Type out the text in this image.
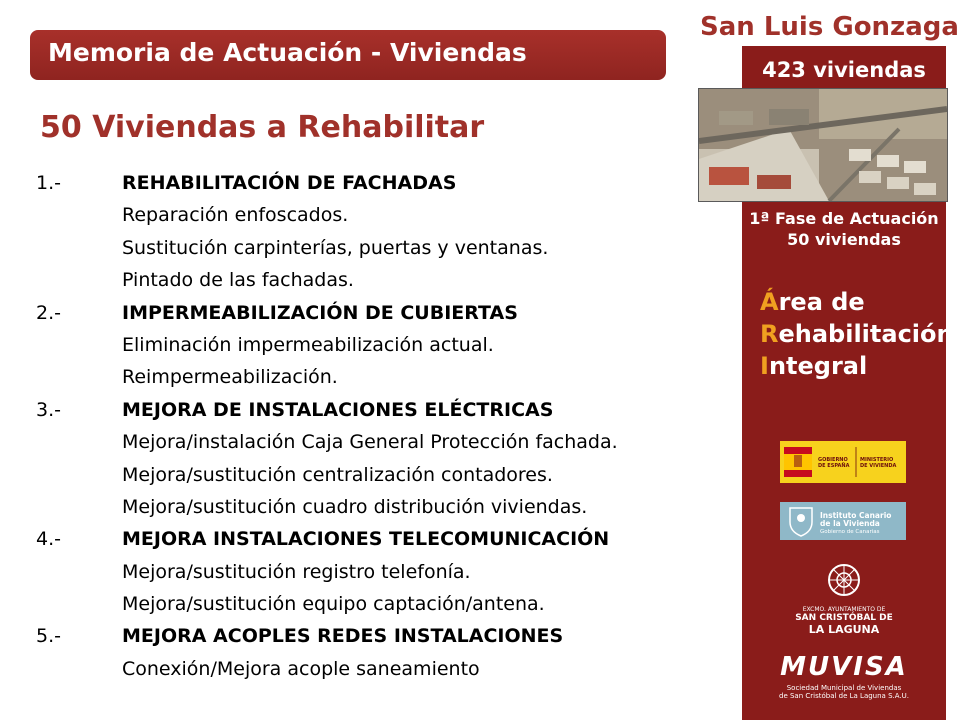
Memoria de Actuación - Viviendas
50 Viviendas a Rehabilitar
1.-	REHABILITACIÓN DE FACHADAS
Reparación enfoscados.
Sustitución carpinterías, puertas y ventanas.
Pintado de las fachadas.
2.-	IMPERMEABILIZACIÓN DE CUBIERTAS
Eliminación impermeabilización actual.
Reimpermeabilización.
3.-	MEJORA DE INSTALACIONES ELÉCTRICAS
Mejora/instalación Caja General Protección fachada.
Mejora/sustitución centralización contadores.
Mejora/sustitución cuadro distribución viviendas.
4.-	MEJORA INSTALACIONES TELECOMUNICACIÓN
Mejora/sustitución registro telefonía.
Mejora/sustitución equipo captación/antena.
5.-	MEJORA ACOPLES REDES INSTALACIONES
Conexión/Mejora acople saneamiento
San Luis Gonzaga
423 viviendas
1ª Fase de Actuación
50 viviendas
Área de
Rehabilitación
Integral
GOBIERNO DE ESPAÑA
MINISTERIO DE VIVIENDA
Instituto Canario
de la Vivienda
Gobierno de Canarias
EXCMO. AYUNTAMIENTO DE
SAN CRISTÓBAL DE
LA LAGUNA
MUVISA
Sociedad Municipal de Viviendas
de San Cristóbal de La Laguna S.A.U.
